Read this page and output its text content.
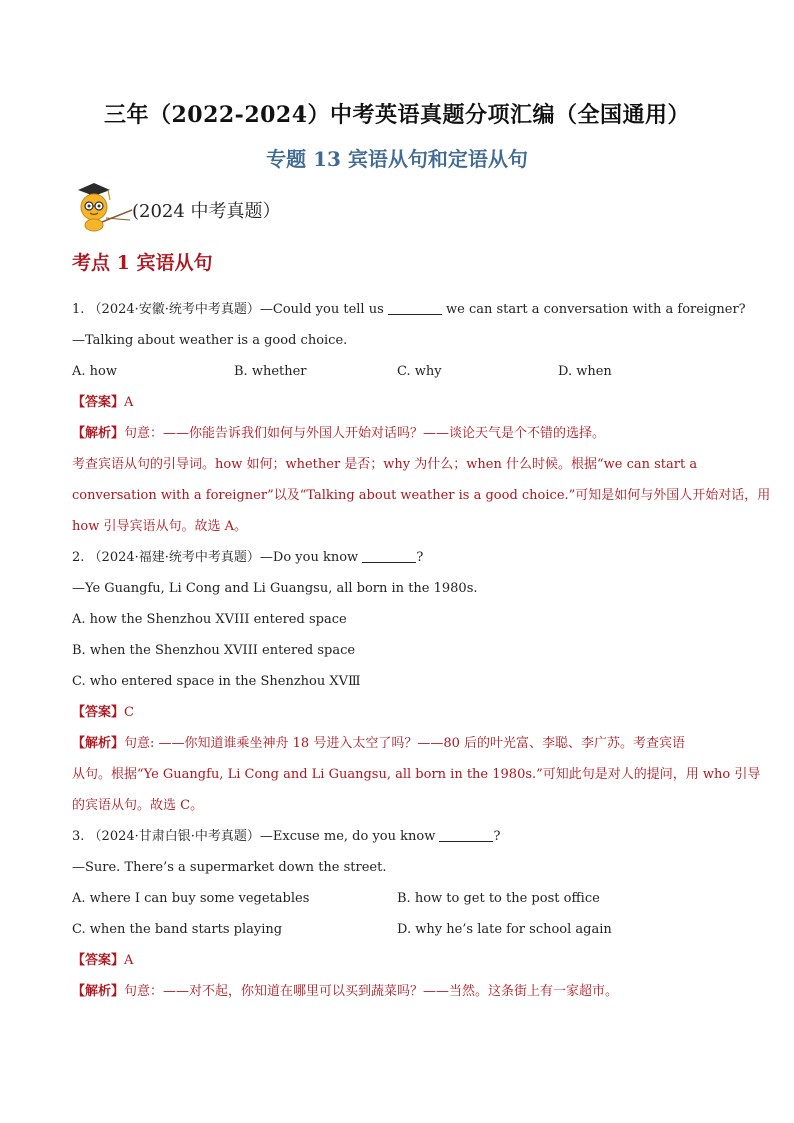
三年（2022-2024）中考英语真题分项汇编（全国通用）
专题 13 宾语从句和定语从句
(2024 中考真题）
考点 1 宾语从句
1. （2024·安徽·统考中考真题）—Could you tell us	we can start a conversation with a foreigner?
—Talking about weather is a good choice.
A. how	B. whether	C. why	D. when
【答案】A
【解析】句意：——你能告诉我们如何与外国人开始对话吗？——谈论天气是个不错的选择。
考查宾语从句的引导词。how 如何；whether 是否；why 为什么；when 什么时候。根据“we can start a
conversation with a foreigner”以及“Talking about weather is a good choice.”可知是如何与外国人开始对话，用
how 引导宾语从句。故选 A。
2. （2024·福建·统考中考真题）—Do you know	?
—Ye Guangfu, Li Cong and Li Guangsu, all born in the 1980s.
A. how the Shenzhou XVIII entered space
B. when the Shenzhou XVIII entered space
C. who entered space in the Shenzhou XVⅢ
【答案】C
【解析】句意: ——你知道谁乘坐神舟 18 号进入太空了吗？——80 后的叶光富、李聪、李广苏。考查宾语
从句。根据“Ye Guangfu, Li Cong and Li Guangsu, all born in the 1980s.”可知此句是对人的提问，用 who 引导
的宾语从句。故选 C。
3. （2024·甘肃白银·中考真题）—Excuse me, do you know	?
—Sure. There’s a supermarket down the street.
A. where I can buy some vegetables	B. how to get to the post office
C. when the band starts playing	D. why he’s late for school again
【答案】A
【解析】句意：——对不起，你知道在哪里可以买到蔬菜吗？——当然。这条街上有一家超市。
